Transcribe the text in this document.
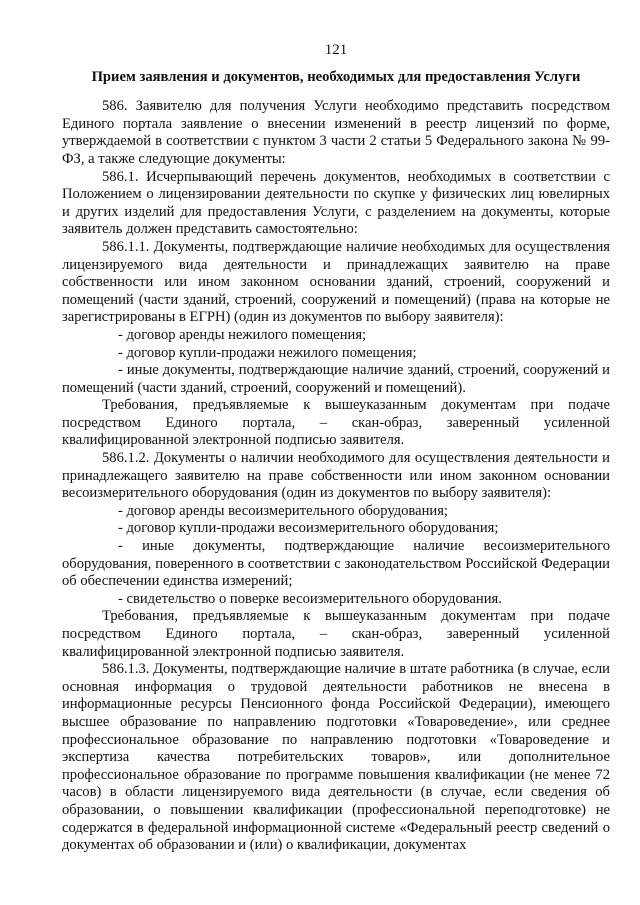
121
Прием заявления и документов, необходимых для предоставления Услуги

586. Заявителю для получения Услуги необходимо представить посредством Единого портала заявление о внесении изменений в реестр лицензий по форме, утверждаемой в соответствии с пунктом 3 части 2 статьи 5 Федерального закона № 99-ФЗ, а также следующие документы:

586.1. Исчерпывающий перечень документов, необходимых в соответствии с Положением о лицензировании деятельности по скупке у физических лиц ювелирных и других изделий для предоставления Услуги, с разделением на документы, которые заявитель должен представить самостоятельно:

586.1.1. Документы, подтверждающие наличие необходимых для осуществления лицензируемого вида деятельности и принадлежащих заявителю на праве собственности или ином законном основании зданий, строений, сооружений и помещений (части зданий, строений, сооружений и помещений) (права на которые не зарегистрированы в ЕГРН) (один из документов по выбору заявителя):

- договор аренды нежилого помещения;

- договор купли-продажи нежилого помещения;

- иные документы, подтверждающие наличие зданий, строений, сооружений и помещений (части зданий, строений, сооружений и помещений).

Требования, предъявляемые к вышеуказанным документам при подаче посредством Единого портала, – скан-образ, заверенный усиленной квалифицированной электронной подписью заявителя.

586.1.2. Документы о наличии необходимого для осуществления деятельности и принадлежащего заявителю на праве собственности или ином законном основании весоизмерительного оборудования (один из документов по выбору заявителя):

- договор аренды весоизмерительного оборудования;

- договор купли-продажи весоизмерительного оборудования;

- иные документы, подтверждающие наличие весоизмерительного оборудования, поверенного в соответствии с законодательством Российской Федерации об обеспечении единства измерений;

- свидетельство о поверке весоизмерительного оборудования.

Требования, предъявляемые к вышеуказанным документам при подаче посредством Единого портала, – скан-образ, заверенный усиленной квалифицированной электронной подписью заявителя.

586.1.3. Документы, подтверждающие наличие в штате работника (в случае, если основная информация о трудовой деятельности работников не внесена в информационные ресурсы Пенсионного фонда Российской Федерации), имеющего высшее образование по направлению подготовки «Товароведение», или среднее профессиональное образование по направлению подготовки «Товароведение и экспертиза качества потребительских товаров», или дополнительное профессиональное образование по программе повышения квалификации (не менее 72 часов) в области лицензируемого вида деятельности (в случае, если сведения об образовании, о повышении квалификации (профессиональной переподготовке) не содержатся в федеральной информационной системе «Федеральный реестр сведений о документах об образовании и (или) о квалификации, документах
